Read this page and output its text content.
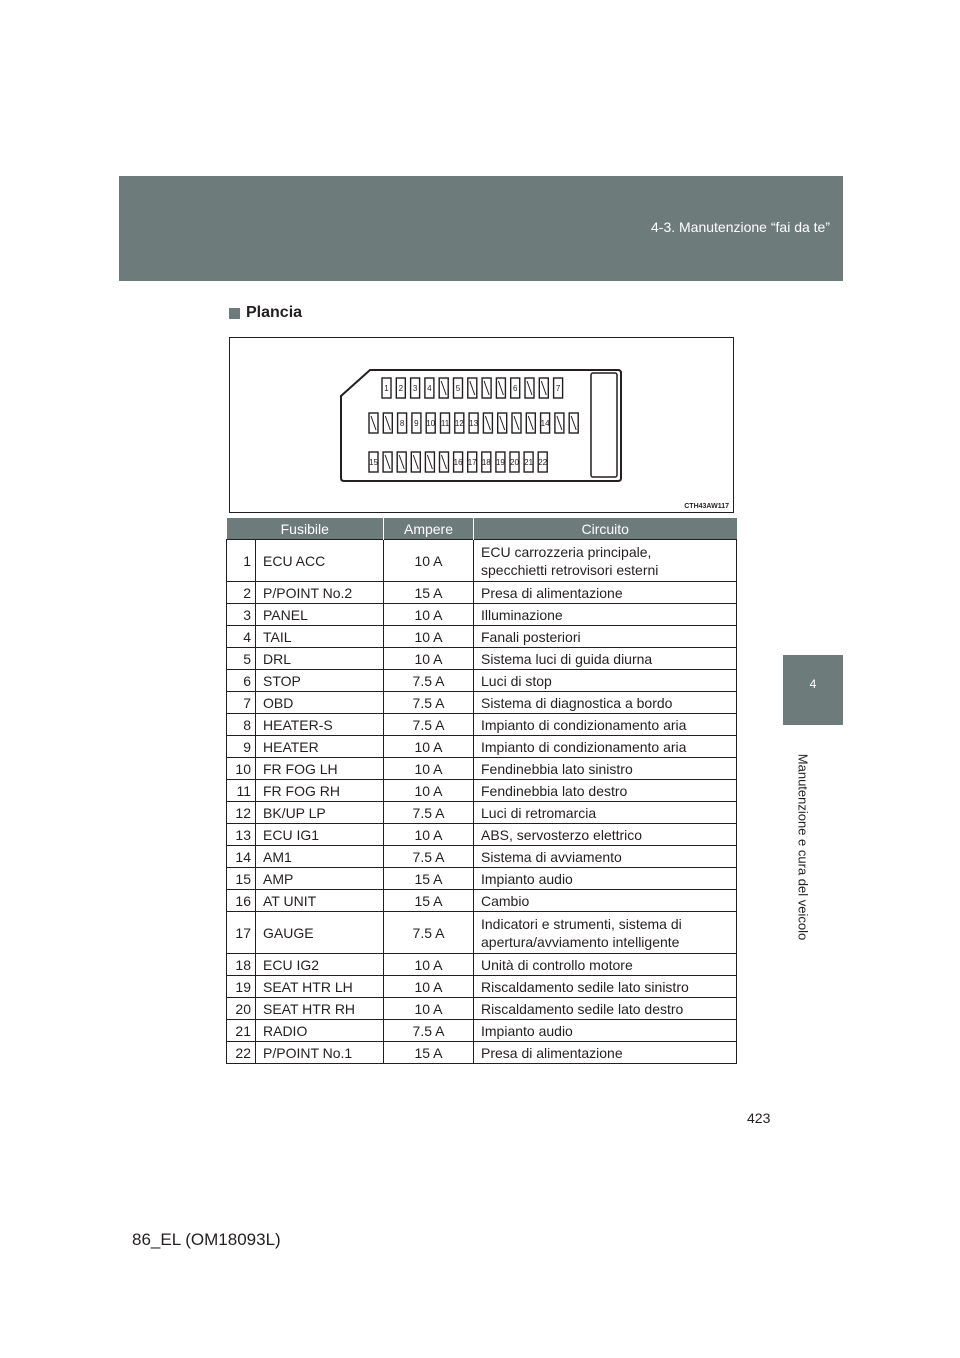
4-3. Manutenzione “fai da te”
4
Manutenzione e cura del veicolo
Plancia
1 2 3 4	5	6	7
8 9 10 11 12 13	14
15	16 17 18 19 20 21 22
CTH43AW117
Fusibile		Ampere	Circuito
1	ECU ACC	10 A	ECU carrozzeria principale,
specchietti retrovisori esterni

2	P/POINT No.2	15 A	Presa di alimentazione

3	PANEL	10 A	Illuminazione

4	TAIL	10 A	Fanali posteriori

5	DRL	10 A	Sistema luci di guida diurna

6	STOP	7.5 A	Luci di stop

7	OBD	7.5 A	Sistema di diagnostica a bordo

8	HEATER-S	7.5 A	Impianto di condizionamento aria

9	HEATER	10 A	Impianto di condizionamento aria

10	FR FOG LH	10 A	Fendinebbia lato sinistro

11	FR FOG RH	10 A	Fendinebbia lato destro

12	BK/UP LP	7.5 A	Luci di retromarcia

13	ECU IG1	10 A	ABS, servosterzo elettrico

14	AM1	7.5 A	Sistema di avviamento

15	AMP	15 A	Impianto audio

16	AT UNIT	15 A	Cambio

17	GAUGE	7.5 A	Indicatori e strumenti, sistema di
apertura/avviamento intelligente

18	ECU IG2	10 A	Unità di controllo motore

19	SEAT HTR LH	10 A	Riscaldamento sedile lato sinistro

20	SEAT HTR RH	10 A	Riscaldamento sedile lato destro

21	RADIO	7.5 A	Impianto audio

22	P/POINT No.1	15 A	Presa di alimentazione
423
86_EL (OM18093L)
